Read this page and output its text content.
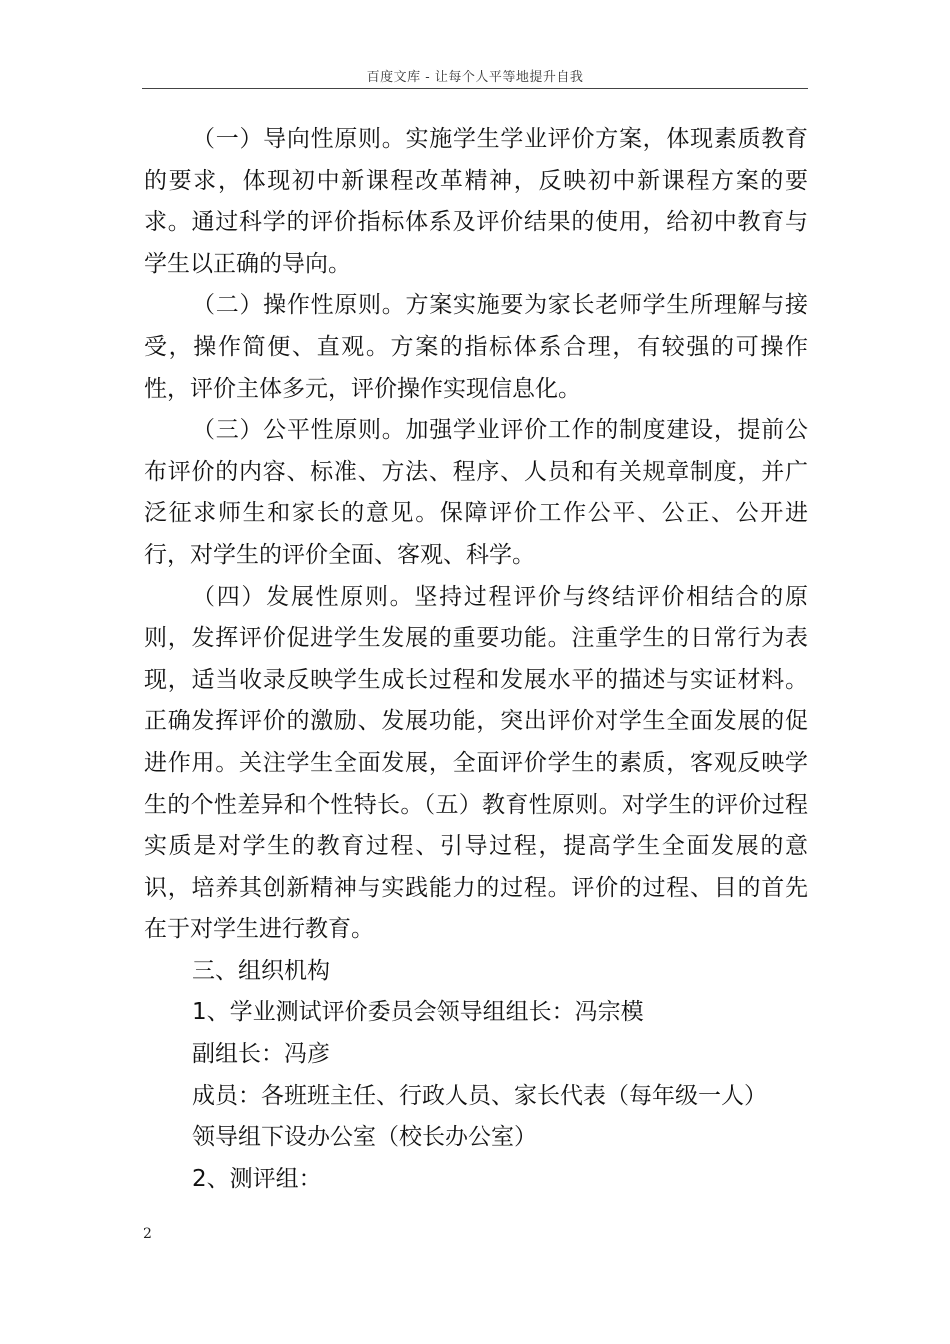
百度文库 - 让每个人平等地提升自我

（一）导向性原则。实施学生学业评价方案，体现素质教育的要求，体现初中新课程改革精神，反映初中新课程方案的要求。通过科学的评价指标体系及评价结果的使用，给初中教育与学生以正确的导向。

（二）操作性原则。方案实施要为家长老师学生所理解与接受，操作简便、直观。方案的指标体系合理，有较强的可操作性，评价主体多元，评价操作实现信息化。

（三）公平性原则。加强学业评价工作的制度建设，提前公布评价的内容、标准、方法、程序、人员和有关规章制度，并广泛征求师生和家长的意见。保障评价工作公平、公正、公开进行，对学生的评价全面、客观、科学。

（四）发展性原则。坚持过程评价与终结评价相结合的原则，发挥评价促进学生发展的重要功能。注重学生的日常行为表现，适当收录反映学生成长过程和发展水平的描述与实证材料。正确发挥评价的激励、发展功能，突出评价对学生全面发展的促进作用。关注学生全面发展，全面评价学生的素质，客观反映学生的个性差异和个性特长。（五）教育性原则。对学生的评价过程实质是对学生的教育过程、引导过程，提高学生全面发展的意识，培养其创新精神与实践能力的过程。评价的过程、目的首先在于对学生进行教育。

三、组织机构

1、学业测试评价委员会领导组组长：冯宗模

副组长：冯彦

成员：各班班主任、行政人员、家长代表（每年级一人）

领导组下设办公室（校长办公室）

2、测评组：

2
